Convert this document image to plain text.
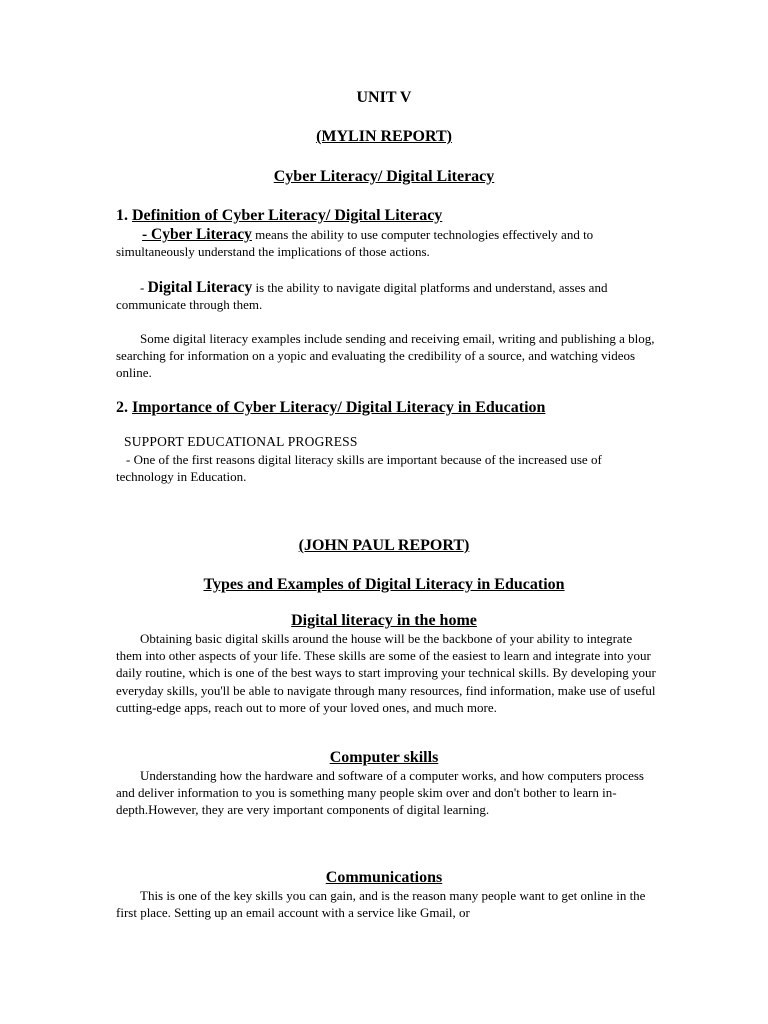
UNIT V

(MYLIN REPORT)

Cyber Literacy/ Digital Literacy

1. Definition of Cyber Literacy/ Digital Literacy

- Cyber Literacy means the ability to use computer technologies effectively and to simultaneously understand the implications of those actions.

- Digital Literacy is the ability to navigate digital platforms and understand, asses and communicate through them.

Some digital literacy examples include sending and receiving email, writing and publishing a blog, searching for information on a yopic and evaluating the credibility of a source, and watching videos online.

2. Importance of Cyber Literacy/ Digital Literacy in Education

SUPPORT EDUCATIONAL PROGRESS

- One of the first reasons digital literacy skills are important because of the increased use of technology in Education.

(JOHN PAUL REPORT)

Types and Examples of Digital Literacy in Education

Digital literacy in the home

Obtaining basic digital skills around the house will be the backbone of your ability to integrate them into other aspects of your life. These skills are some of the easiest to learn and integrate into your daily routine, which is one of the best ways to start improving your technical skills. By developing your everyday skills, you'll be able to navigate through many resources, find information, make use of useful cutting-edge apps, reach out to more of your loved ones, and much more.

Computer skills

Understanding how the hardware and software of a computer works, and how computers process and deliver information to you is something many people skim over and don't bother to learn in- depth.However, they are very important components of digital learning.

Communications

This is one of the key skills you can gain, and is the reason many people want to get online in the first place. Setting up an email account with a service like Gmail, or
